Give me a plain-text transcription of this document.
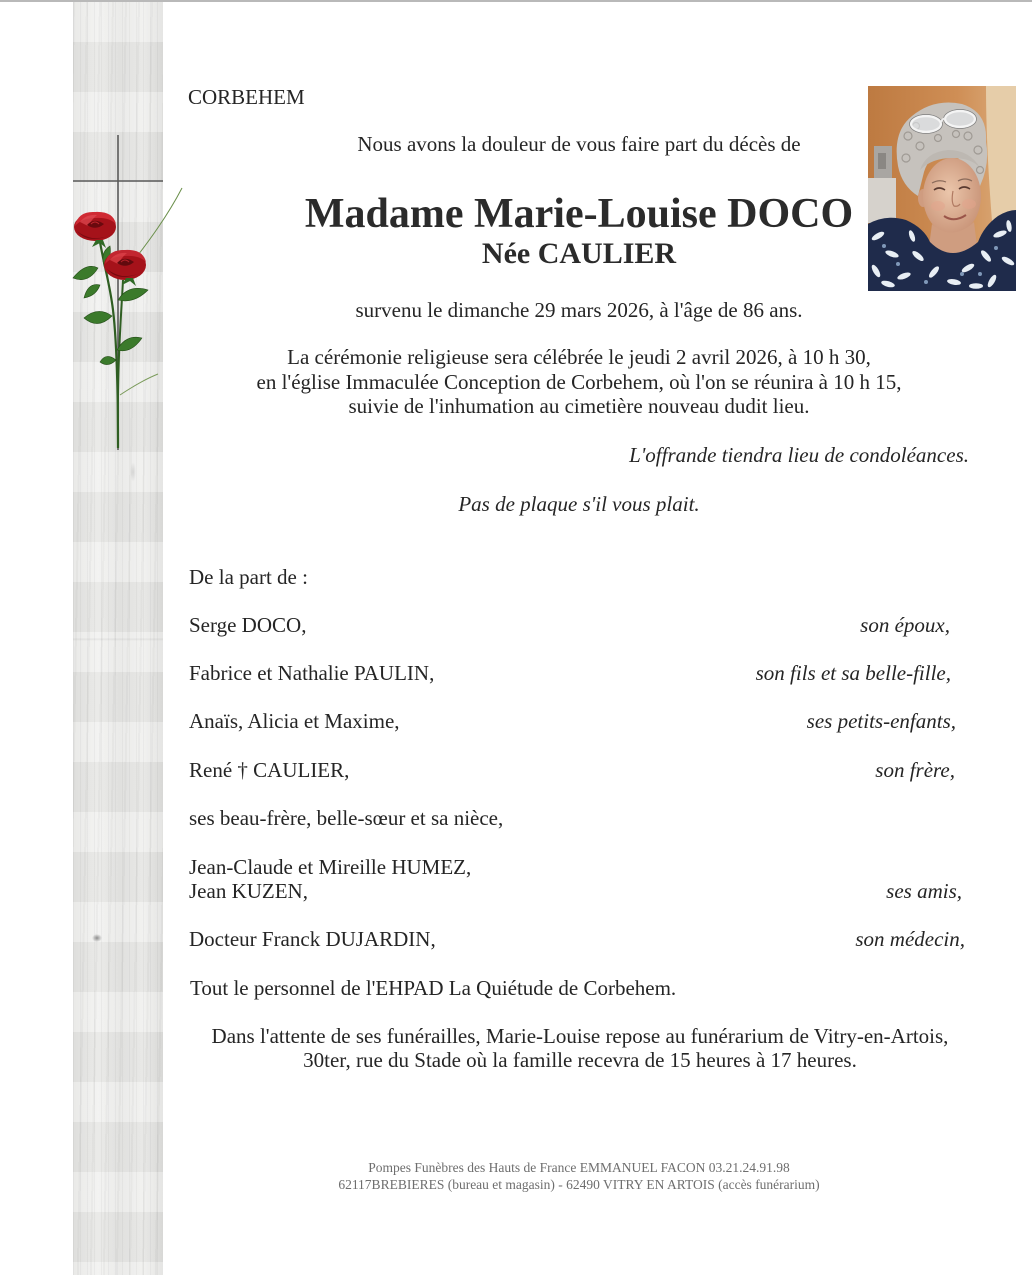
CORBEHEM
Nous avons la douleur de vous faire part du décès de
Madame Marie-Louise DOCO
Née CAULIER
survenu le dimanche 29 mars 2026, à l'âge de 86 ans.
La cérémonie religieuse sera célébrée le jeudi 2 avril 2026, à 10 h 30,
en l'église Immaculée Conception de Corbehem, où l'on se réunira à 10 h 15,
suivie de l'inhumation au cimetière nouveau dudit lieu.
L'offrande tiendra lieu de condoléances.
Pas de plaque s'il vous plait.
De la part de :
Serge DOCO,	son époux,
Fabrice et Nathalie PAULIN,	son fils et sa belle-fille,
Anaïs, Alicia et Maxime,	ses petits-enfants,
René † CAULIER,	son frère,
ses beau-frère, belle-sœur et sa nièce,
Jean-Claude et Mireille HUMEZ,
Jean KUZEN,	ses amis,
Docteur Franck DUJARDIN,	son médecin,
Tout le personnel de l'EHPAD La Quiétude de Corbehem.
Dans l'attente de ses funérailles, Marie-Louise repose au funérarium de Vitry-en-Artois,
30ter, rue du Stade où la famille recevra de 15 heures à 17 heures.
Pompes Funèbres des Hauts de France EMMANUEL FACON 03.21.24.91.98
62117BREBIERES (bureau et magasin) - 62490 VITRY EN ARTOIS (accès funérarium)
